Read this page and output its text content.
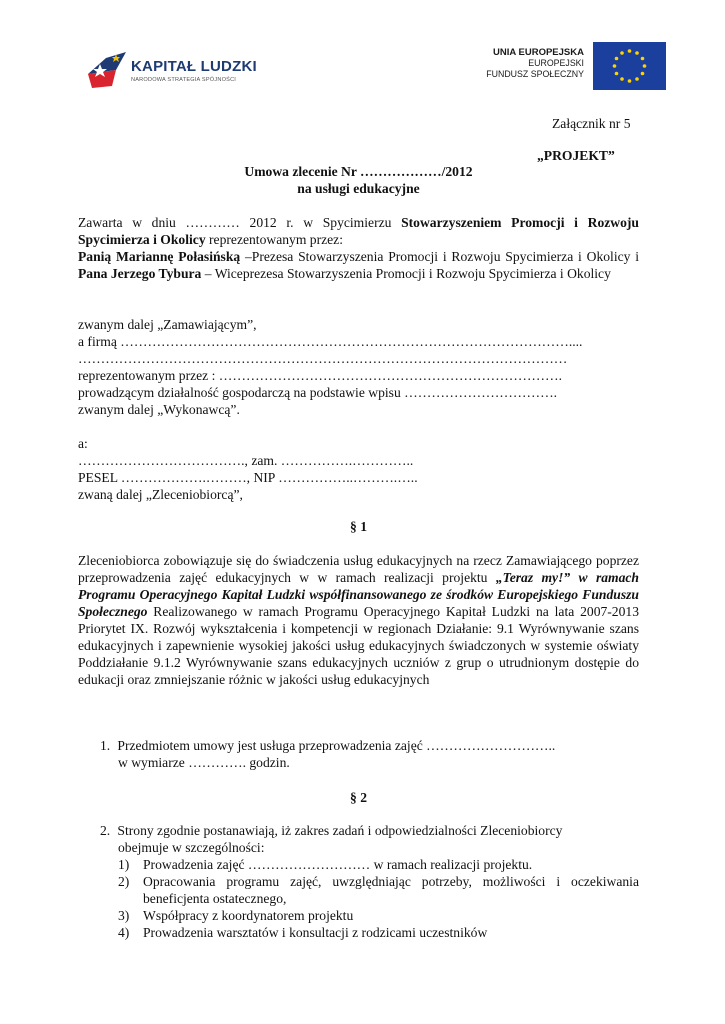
KAPITAŁ LUDZKI
NARODOWA STRATEGIA SPÓJNOŚCI
UNIA EUROPEJSKA
EUROPEJSKI
FUNDUSZ SPOŁECZNY
Załącznik nr 5
„PROJEKT”
Umowa zlecenie Nr ………………/2012
na usługi edukacyjne
Zawarta w dniu ………… 2012 r. w Spycimierzu Stowarzyszeniem Promocji i Rozwoju Spycimierza i Okolicy reprezentowanym przez:
Panią Mariannę Połasińską –Prezesa Stowarzyszenia Promocji i Rozwoju Spycimierza i Okolicy i Pana Jerzego Tybura – Wiceprezesa Stowarzyszenia Promocji i Rozwoju Spycimierza i Okolicy
zwanym dalej „Zamawiającym”,
a firmą ………………………………………………………………………………………....
………………………………………………………………………………………………
reprezentowanym przez : ………………………………………………………………….
prowadzącym działalność gospodarczą na podstawie wpisu …………………………….
zwanym dalej „Wykonawcą”.
a:
………………………………., zam. …………….…………..
PESEL ……………….………, NIP ……………..……….…..
zwaną dalej „Zleceniobiorcą”,
§ 1
Zleceniobiorca zobowiązuje się do świadczenia usług edukacyjnych na rzecz Zamawiającego poprzez przeprowadzenia zajęć edukacyjnych w w ramach realizacji projektu „Teraz my!” w ramach Programu Operacyjnego Kapitał Ludzki współfinansowanego ze środków Europejskiego Funduszu Społecznego Realizowanego w ramach Programu Operacyjnego Kapitał Ludzki na lata 2007-2013 Priorytet IX. Rozwój wykształcenia i kompetencji w regionach Działanie: 9.1 Wyrównywanie szans edukacyjnych i zapewnienie wysokiej jakości usług edukacyjnych świadczonych w systemie oświaty Poddziałanie 9.1.2 Wyrównywanie szans edukacyjnych uczniów z grup o utrudnionym dostępie do edukacji oraz zmniejszanie różnic w jakości usług edukacyjnych
1. Przedmiotem umowy jest usługa przeprowadzenia zajęć ………………………..
w wymiarze …………. godzin.
§ 2
2. Strony zgodnie postanawiają, iż zakres zadań i odpowiedzialności Zleceniobiorcy
obejmuje w szczególności:
1)	Prowadzenia zajęć ……………………… w ramach realizacji projektu.
2)	Opracowania programu zajęć, uwzględniając potrzeby, możliwości i oczekiwania beneficjenta ostatecznego,
3)	Współpracy z koordynatorem projektu
4)	Prowadzenia warsztatów i konsultacji z rodzicami uczestników
